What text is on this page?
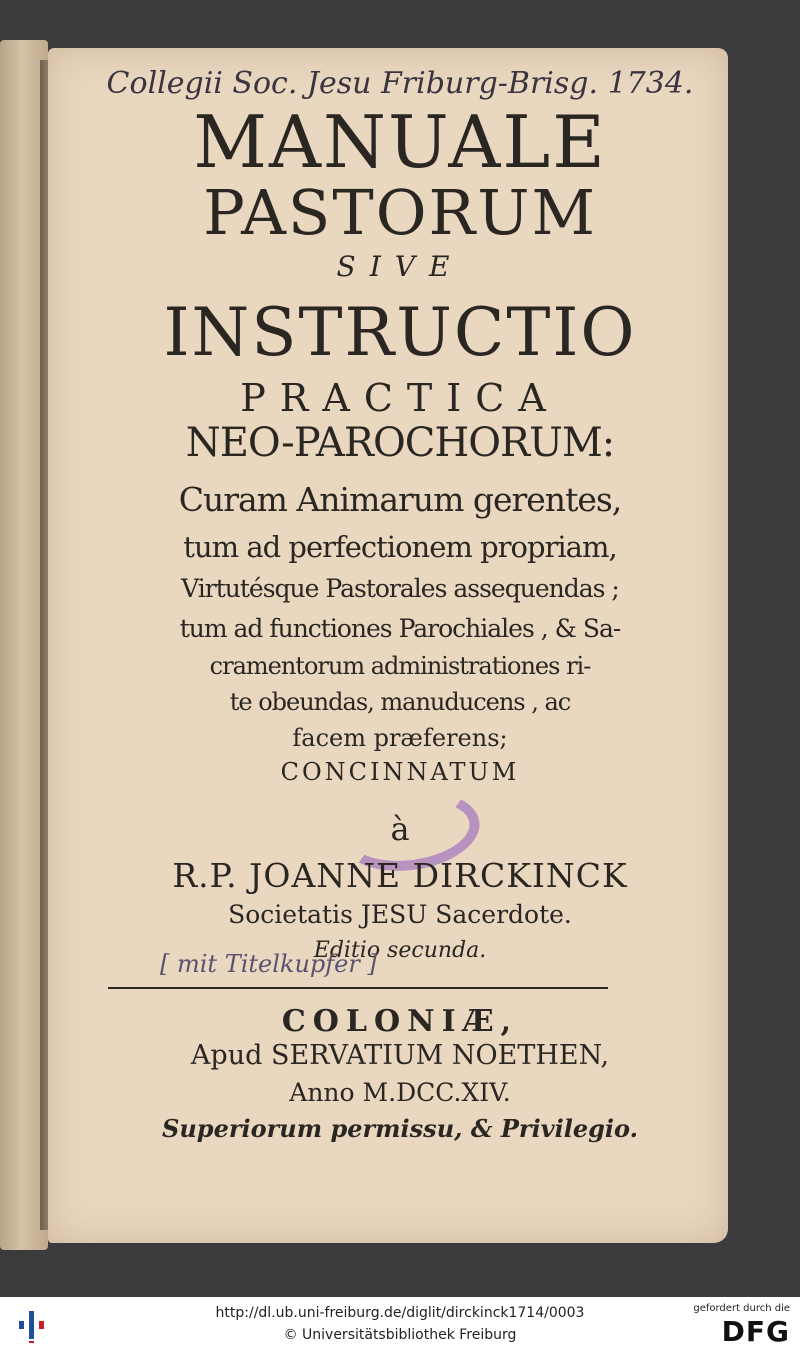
Collegii Soc. Jesu Friburg-Brisg. 1734.
MANUALE
PASTORUM
SIVE
INSTRUCTIO
PRACTICA
NEO-PAROCHORUM:
Curam Animarum gerentes,
tum ad perfectionem propriam,
Virtutésque Pastorales assequendas ;
tum ad functiones Parochiales , & Sa-
cramentorum administrationes ri-
te obeundas, manuducens , ac
facem præferens;
CONCINNATUM
à
R.P. JOANNE DIRCKINCK
Societatis JESU Sacerdote.
Editio secunda.
[ mit Titelkupfer ]
COLONIÆ,
Apud SERVATIUM NOETHEN,
Anno M.DCC.XIV.
Superiorum permissu, & Privilegio.
http://dl.ub.uni-freiburg.de/diglit/dirckinck1714/0003
© Universitätsbibliothek Freiburg
gefordert durch die
DFG
